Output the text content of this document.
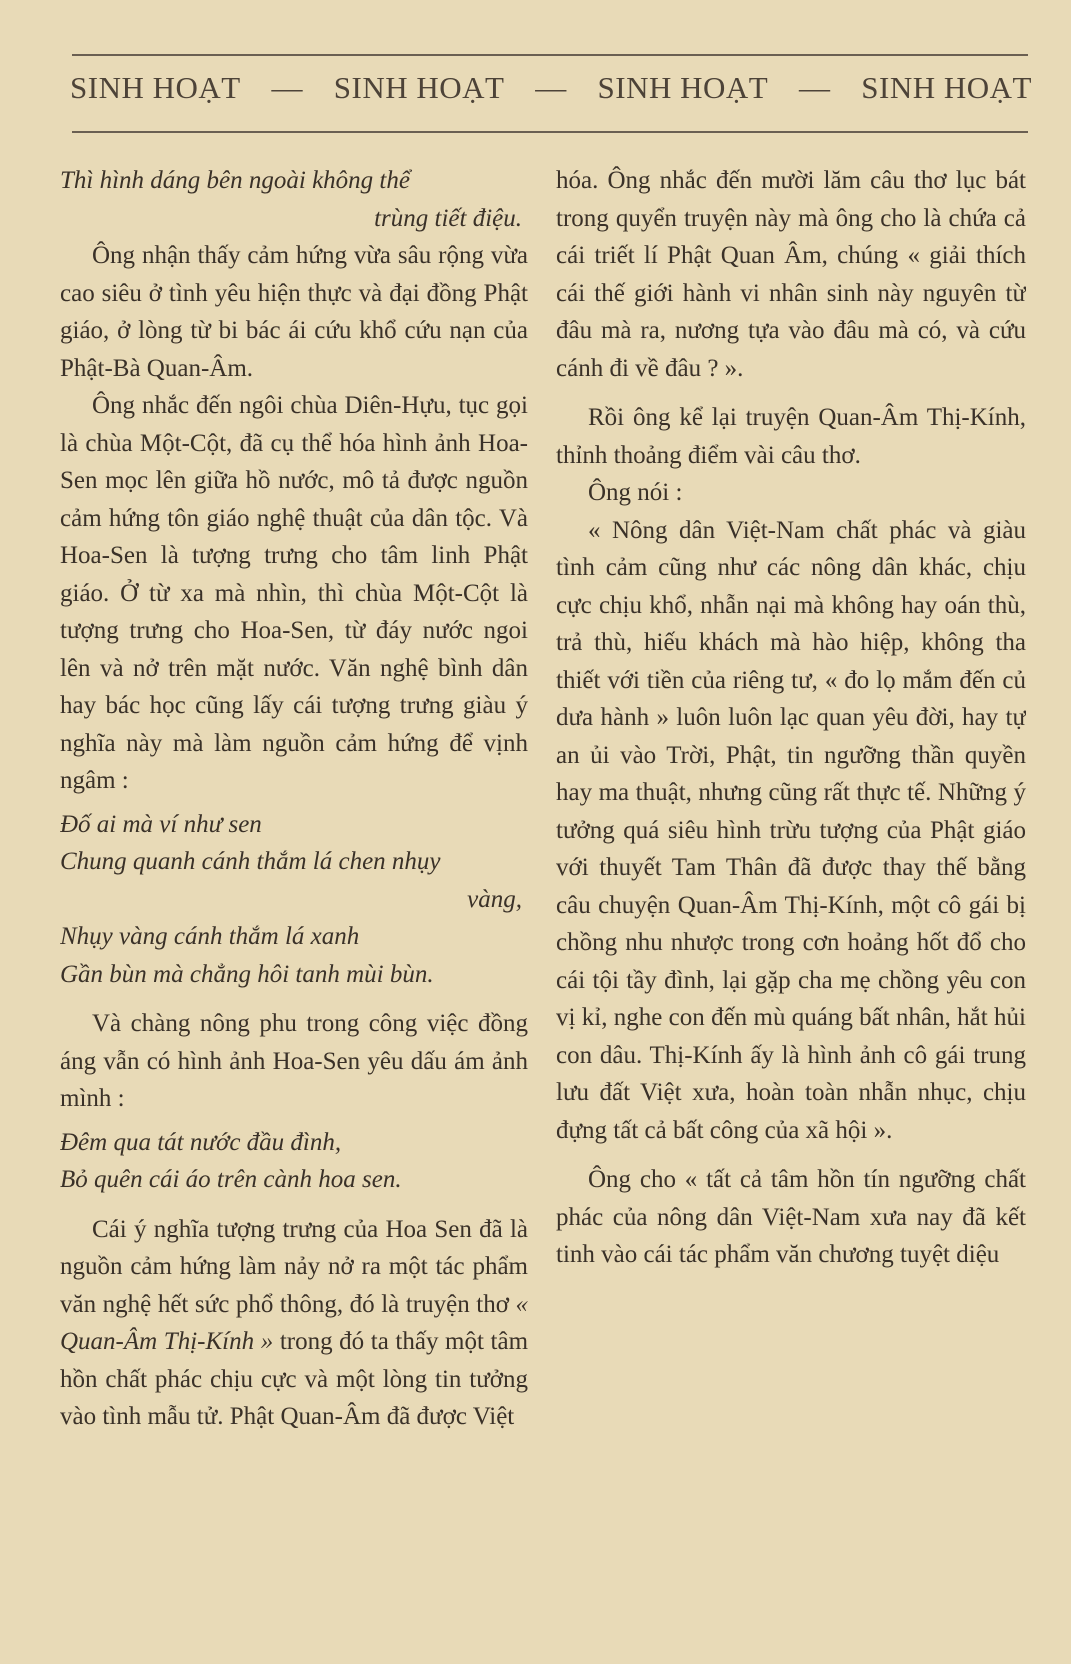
SINH HOẠT — SINH HOẠT — SINH HOẠT — SINH HOẠT
Thì hình dáng bên ngoài không thể
trùng tiết điệu.

Ông nhận thấy cảm hứng vừa sâu rộng vừa cao siêu ở tình yêu hiện thực và đại đồng Phật giáo, ở lòng từ bi bác ái cứu khổ cứu nạn của Phật-Bà Quan-Âm.

Ông nhắc đến ngôi chùa Diên-Hựu, tục gọi là chùa Một-Cột, đã cụ thể hóa hình ảnh Hoa-Sen mọc lên giữa hồ nước, mô tả được nguồn cảm hứng tôn giáo nghệ thuật của dân tộc. Và Hoa-Sen là tượng trưng cho tâm linh Phật giáo. Ở từ xa mà nhìn, thì chùa Một-Cột là tượng trưng cho Hoa-Sen, từ đáy nước ngoi lên và nở trên mặt nước. Văn nghệ bình dân hay bác học cũng lấy cái tượng trưng giàu ý nghĩa này mà làm nguồn cảm hứng để vịnh ngâm :

Đố ai mà ví như sen
Chung quanh cánh thắm lá chen nhụy
vàng,
Nhụy vàng cánh thắm lá xanh
Gần bùn mà chẳng hôi tanh mùi bùn.

Và chàng nông phu trong công việc đồng áng vẫn có hình ảnh Hoa-Sen yêu dấu ám ảnh mình :

Đêm qua tát nước đầu đình,
Bỏ quên cái áo trên cành hoa sen.

Cái ý nghĩa tượng trưng của Hoa Sen đã là nguồn cảm hứng làm nảy nở ra một tác phẩm văn nghệ hết sức phổ thông, đó là truyện thơ « Quan-Âm Thị-Kính » trong đó ta thấy một tâm hồn chất phác chịu cực và một lòng tin tưởng vào tình mẫu tử. Phật Quan-Âm đã được Việt

hóa. Ông nhắc đến mười lăm câu thơ lục bát trong quyển truyện này mà ông cho là chứa cả cái triết lí Phật Quan Âm, chúng « giải thích cái thế giới hành vi nhân sinh này nguyên từ đâu mà ra, nương tựa vào đâu mà có, và cứu cánh đi về đâu ? ».

Rồi ông kể lại truyện Quan-Âm Thị-Kính, thỉnh thoảng điểm vài câu thơ.

Ông nói :

« Nông dân Việt-Nam chất phác và giàu tình cảm cũng như các nông dân khác, chịu cực chịu khổ, nhẫn nại mà không hay oán thù, trả thù, hiếu khách mà hào hiệp, không tha thiết với tiền của riêng tư, « đo lọ mắm đến củ dưa hành » luôn luôn lạc quan yêu đời, hay tự an ủi vào Trời, Phật, tin ngưỡng thần quyền hay ma thuật, nhưng cũng rất thực tế. Những ý tưởng quá siêu hình trừu tượng của Phật giáo với thuyết Tam Thân đã được thay thế bằng câu chuyện Quan-Âm Thị-Kính, một cô gái bị chồng nhu nhược trong cơn hoảng hốt đổ cho cái tội tầy đình, lại gặp cha mẹ chồng yêu con vị kỉ, nghe con đến mù quáng bất nhân, hắt hủi con dâu. Thị-Kính ấy là hình ảnh cô gái trung lưu đất Việt xưa, hoàn toàn nhẫn nhục, chịu đựng tất cả bất công của xã hội ».

Ông cho « tất cả tâm hồn tín ngưỡng chất phác của nông dân Việt-Nam xưa nay đã kết tinh vào cái tác phẩm văn chương tuyệt diệu
